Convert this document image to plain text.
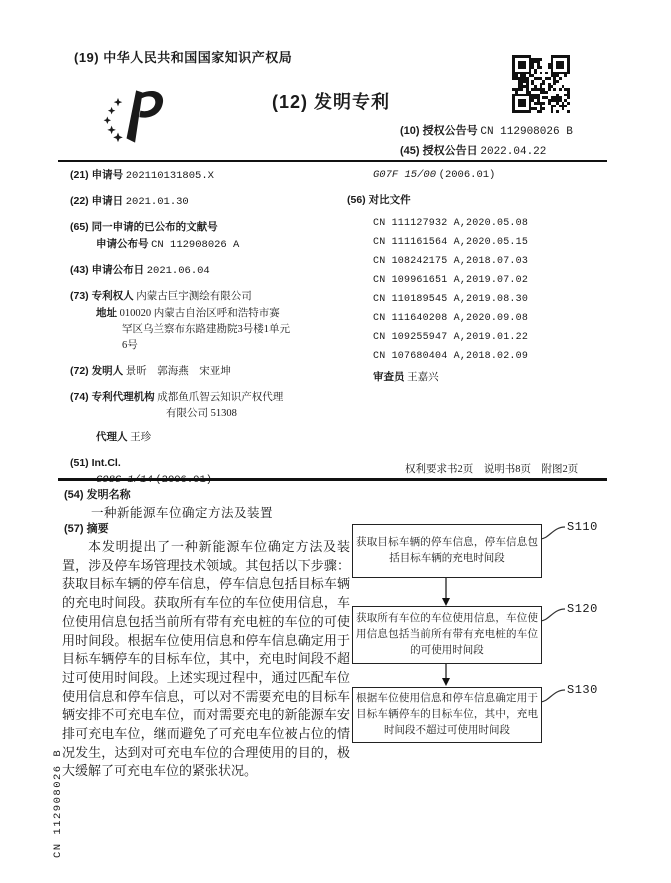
(19) 中华人民共和国国家知识产权局
(12) 发明专利
(10) 授权公告号 CN 112908026 B
(45) 授权公告日 2022.04.22
(21) 申请号 202110131805.X
(22) 申请日 2021.01.30
(65) 同一申请的已公布的文献号
申请公布号 CN 112908026 A
(43) 申请公布日 2021.06.04
(73) 专利权人 内蒙古巨宇测绘有限公司
地址 010020 内蒙古自治区呼和浩特市赛
罕区乌兰察布东路建勘院3号楼1单元
6号
(72) 发明人 景昕　郭海燕　宋亚坤
(74) 专利代理机构 成都鱼爪智云知识产权代理
有限公司 51308
代理人 王珍
(51) Int.Cl.
G07F 15/00 (2006.01)
(56) 对比文件
CN 111127932 A,2020.05.08
CN 111161564 A,2020.05.15
CN 108242175 A,2018.07.03
CN 109961651 A,2019.07.02
CN 110189545 A,2019.08.30
CN 111640208 A,2020.09.08
CN 109255947 A,2019.01.22
CN 107680404 A,2018.02.09
审查员 王嘉兴
权利要求书2页　说明书8页　附图2页
(54) 发明名称
一种新能源车位确定方法及装置
(57) 摘要
本发明提出了一种新能源车位确定方法及装置，涉及停车场管理技术领域。其包括以下步骤：获取目标车辆的停车信息，停车信息包括目标车辆的充电时间段。获取所有车位的车位使用信息，车位使用信息包括当前所有带有充电桩的车位的可使用时间段。根据车位使用信息和停车信息确定用于目标车辆停车的目标车位，其中，充电时间段不超过可使用时间段。上述实现过程中，通过匹配车位使用信息和停车信息，可以对不需要充电的目标车辆安排不可充电车位，而对需要充电的新能源车安排可充电车位，继而避免了可充电车位被占位的情况发生，达到对可充电车位的合理使用的目的，极大缓解了可充电车位的紧张状况。
获取目标车辆的停车信息，停车信息包括目标车辆的充电时间段
获取所有车位的车位使用信息，车位使用信息包括当前所有带有充电桩的车位的可使用时间段
根据车位使用信息和停车信息确定用于目标车辆停车的目标车位，其中，充电时间段不超过可使用时间段
S110
S120
S130
CN 112908026 B
